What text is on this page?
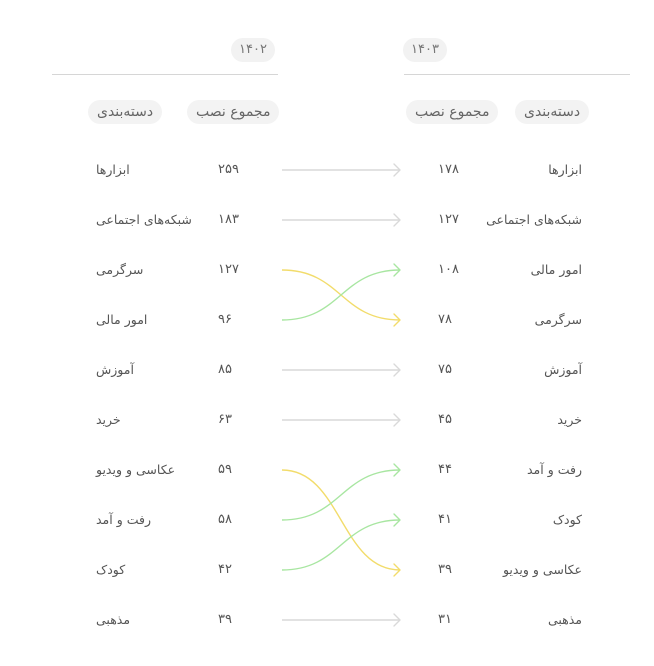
۱۴۰۲	۱۴۰۳
دسته‌بندی	مجموع نصب	مجموع نصب	دسته‌بندی
ابزارها	۲۵۹
شبکه‌های اجتماعی ۱۸۳
سرگرمی	۱۲۷
امور مالی	۹۶
آموزش	۸۵
خرید	۶۳
عکاسی و ویدیو	۵۹
رفت و آمد	۵۸
کودک	۴۲
مذهبی	۳۹
۱۷۸	ابزارها
۱۲۷ شبکه‌های اجتماعی
۱۰۸	امور مالی
۷۸	سرگرمی
۷۵	آموزش
۴۵	خرید
۴۴	رفت و آمد
۴۱	کودک
۳۹	عکاسی و ویدیو
۳۱	مذهبی
